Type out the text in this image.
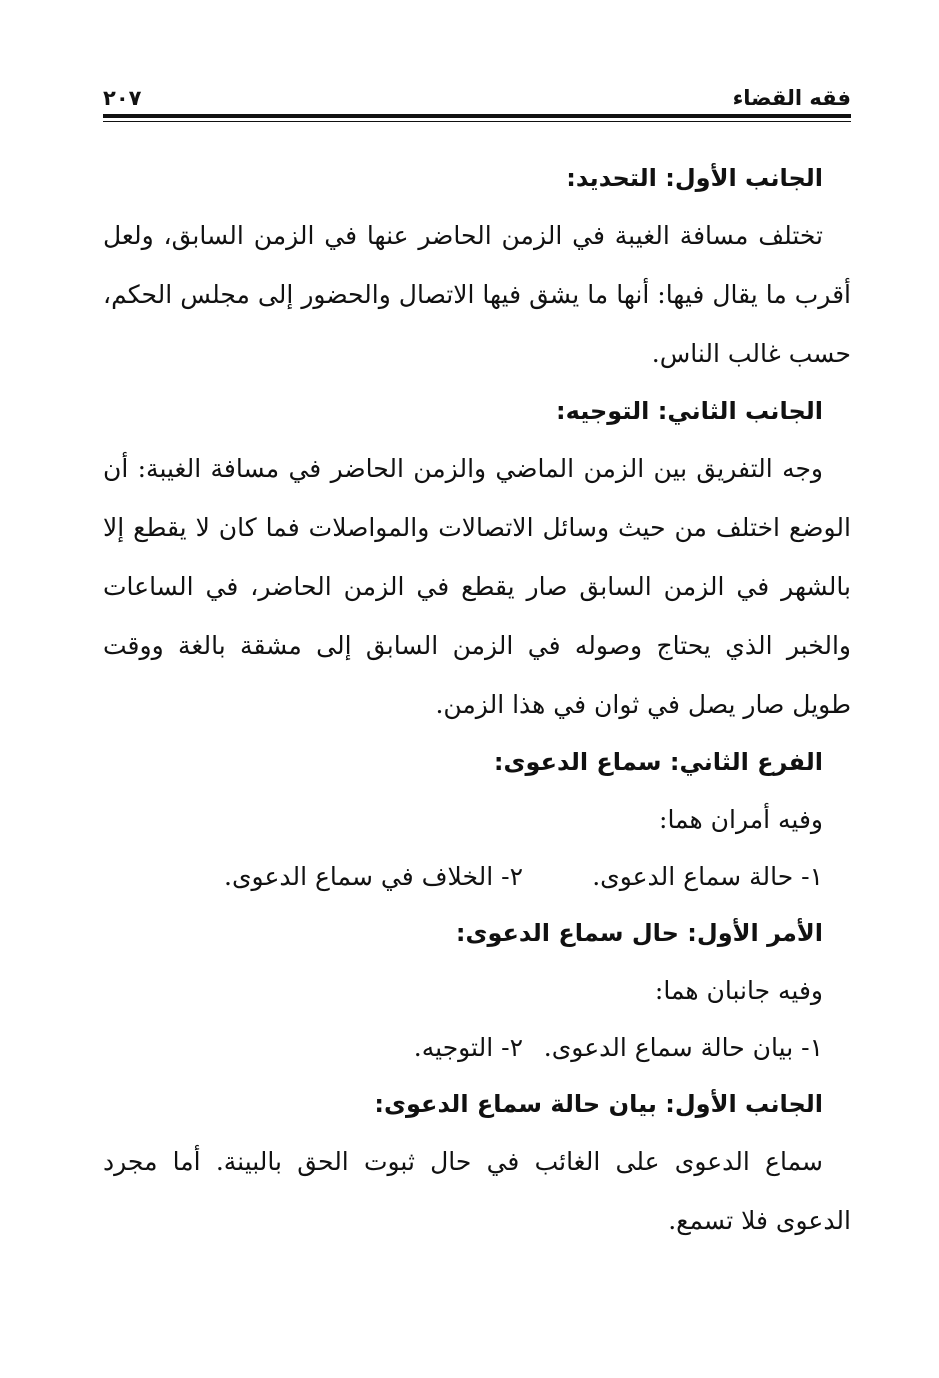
فقه القضاء
٢٠٧

الجانب الأول: التحديد:

تختلف مسافة الغيبة في الزمن الحاضر عنها في الزمن السابق، ولعل أقرب ما يقال فيها: أنها ما يشق فيها الاتصال والحضور إلى مجلس الحكم، حسب غالب الناس.

الجانب الثاني: التوجيه:

وجه التفريق بين الزمن الماضي والزمن الحاضر في مسافة الغيبة: أن الوضع اختلف من حيث وسائل الاتصالات والمواصلات فما كان لا يقطع إلا بالشهر في الزمن السابق صار يقطع في الزمن الحاضر، في الساعات والخبر الذي يحتاج وصوله في الزمن السابق إلى مشقة بالغة ووقت طويل صار يصل في ثوان في هذا الزمن.

الفرع الثاني: سماع الدعوى:

وفيه أمران هما:

١- حالة سماع الدعوى.
٢- الخلاف في سماع الدعوى.

الأمر الأول: حال سماع الدعوى:

وفيه جانبان هما:

١- بيان حالة سماع الدعوى.
٢- التوجيه.

الجانب الأول: بيان حالة سماع الدعوى:

سماع الدعوى على الغائب في حال ثبوت الحق بالبينة. أما مجرد الدعوى فلا تسمع.
